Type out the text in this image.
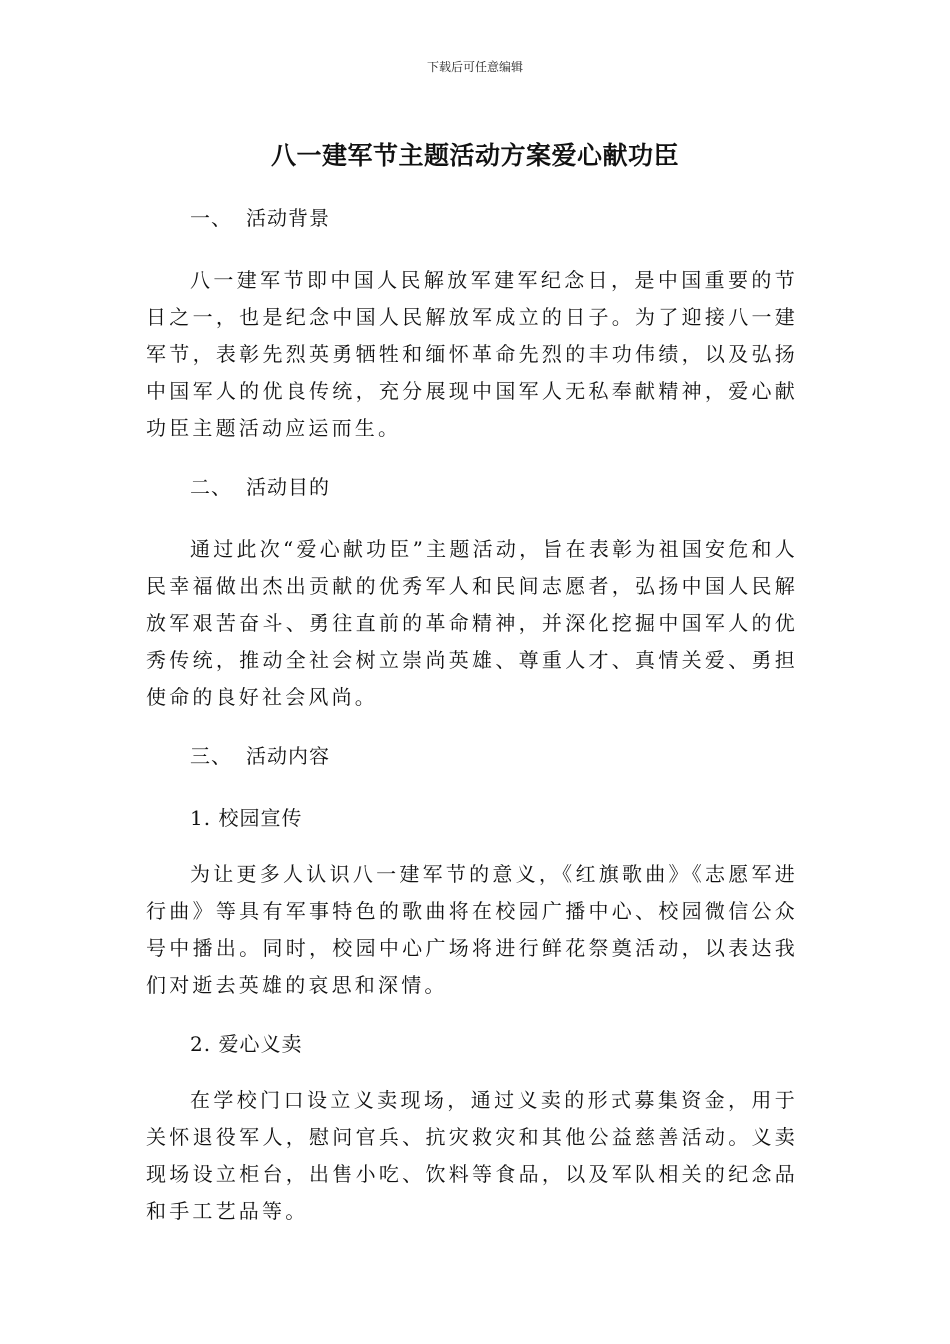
下载后可任意编辑
八一建军节主题活动方案爱心献功臣
一、 活动背景

八一建军节即中国人民解放军建军纪念日，是中国重要的节日之一，也是纪念中国人民解放军成立的日子。为了迎接八一建军节，表彰先烈英勇牺牲和缅怀革命先烈的丰功伟绩，以及弘扬中国军人的优良传统，充分展现中国军人无私奉献精神，爱心献功臣主题活动应运而生。

二、 活动目的

通过此次“爱心献功臣”主题活动，旨在表彰为祖国安危和人民幸福做出杰出贡献的优秀军人和民间志愿者，弘扬中国人民解放军艰苦奋斗、勇往直前的革命精神，并深化挖掘中国军人的优秀传统，推动全社会树立崇尚英雄、尊重人才、真情关爱、勇担使命的良好社会风尚。

三、 活动内容
1. 校园宣传

为让更多人认识八一建军节的意义，《红旗歌曲》《志愿军进行曲》等具有军事特色的歌曲将在校园广播中心、校园微信公众号中播出。同时，校园中心广场将进行鲜花祭奠活动，以表达我们对逝去英雄的哀思和深情。

2. 爱心义卖

在学校门口设立义卖现场，通过义卖的形式募集资金，用于关怀退役军人，慰问官兵、抗灾救灾和其他公益慈善活动。义卖现场设立柜台，出售小吃、饮料等食品，以及军队相关的纪念品和手工艺品等。
